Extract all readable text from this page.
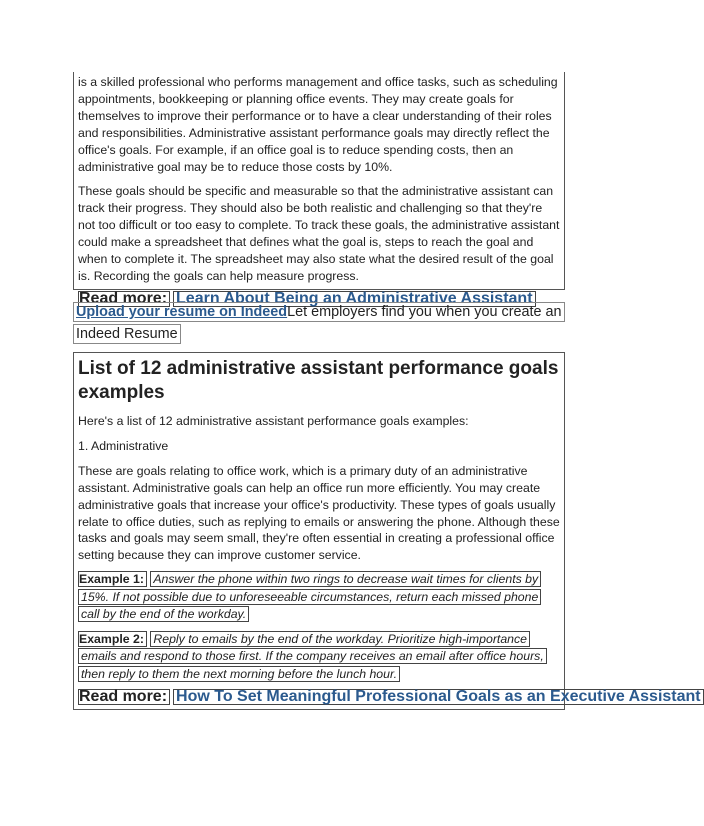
is a skilled professional who performs management and office tasks, such as scheduling appointments, bookkeeping or planning office events. They may create goals for themselves to improve their performance or to have a clear understanding of their roles and responsibilities. Administrative assistant performance goals may directly reflect the office's goals. For example, if an office goal is to reduce spending costs, then an administrative goal may be to reduce those costs by 10%.

These goals should be specific and measurable so that the administrative assistant can track their progress. They should also be both realistic and challenging so that they're not too difficult or too easy to complete. To track these goals, the administrative assistant could make a spreadsheet that defines what the goal is, steps to reach the goal and when to complete it. The spreadsheet may also state what the desired result of the goal is. Recording the goals can help measure progress.

Read more: Learn About Being an Administrative Assistant
Upload your resume on IndeedLet employers find you when you create an
Indeed Resume
List of 12 administrative assistant performance goals examples

Here's a list of 12 administrative assistant performance goals examples:

1. Administrative

These are goals relating to office work, which is a primary duty of an administrative assistant. Administrative goals can help an office run more efficiently. You may create administrative goals that increase your office's productivity. These types of goals usually relate to office duties, such as replying to emails or answering the phone. Although these tasks and goals may seem small, they're often essential in creating a professional office setting because they can improve customer service.

Example 1: Answer the phone within two rings to decrease wait times for clients by
15%. If not possible due to unforeseeable circumstances, return each missed phone
call by the end of the workday.
Example 2: Reply to emails by the end of the workday. Prioritize high-importance
emails and respond to those first. If the company receives an email after office hours,
then reply to them the next morning before the lunch hour.
Read more: How To Set Meaningful Professional Goals as an Executive Assistant
